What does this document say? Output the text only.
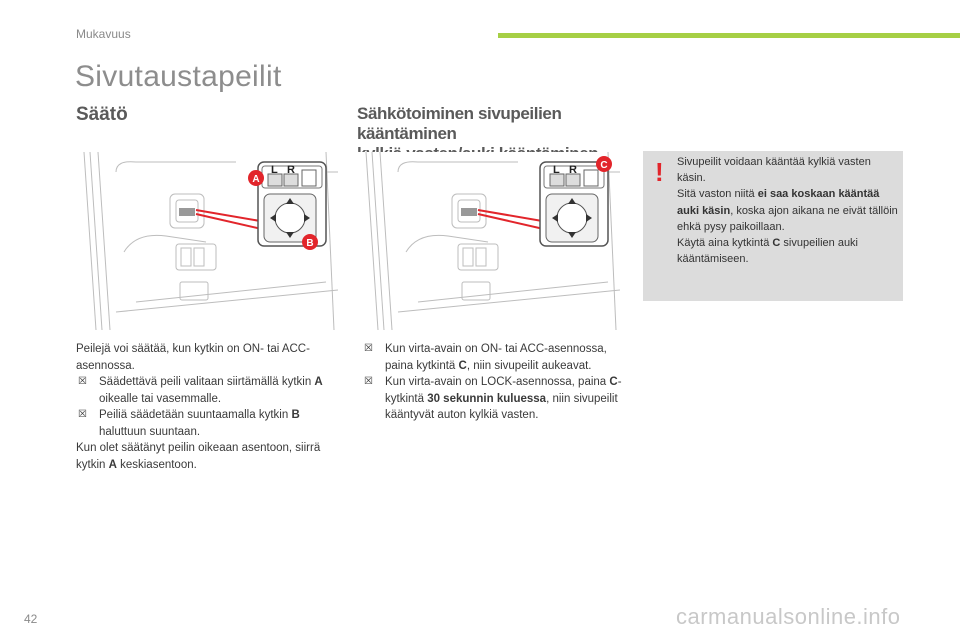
Mukavuus
Sivutaustapeilit
Säätö	Sähkötoiminen sivupeilien kääntäminen
L R
A
B
L R C
Peilejä voi säätää, kun kytkin on ON- tai ACC-asennossa.
☒	Säädettävä peili valitaan siirtämällä kytkin A oikealle tai vasemmalle.
☒	Peiliä säädetään suuntaamalla kytkin B haluttuun suuntaan.
Kun olet säätänyt peilin oikeaan asentoon, siirrä kytkin A keskiasentoon.
☒	Kun virta-avain on ON- tai ACC-asennossa, paina kytkintä C, niin sivupeilit aukeavat.
☒	Kun virta-avain on LOCK-asennossa, paina C-kytkintä 30 sekunnin kuluessa, niin sivupeilit kääntyvät auton kylkiä vasten.
! Sivupeilit voidaan kääntää kylkiä vasten käsin.
Sitä vaston niitä ei saa koskaan kääntää auki käsin, koska ajon aikana ne eivät tällöin ehkä pysy paikoillaan.
Käytä aina kytkintä C sivupeilien auki kääntämiseen.
42	carmanualsonline.info
